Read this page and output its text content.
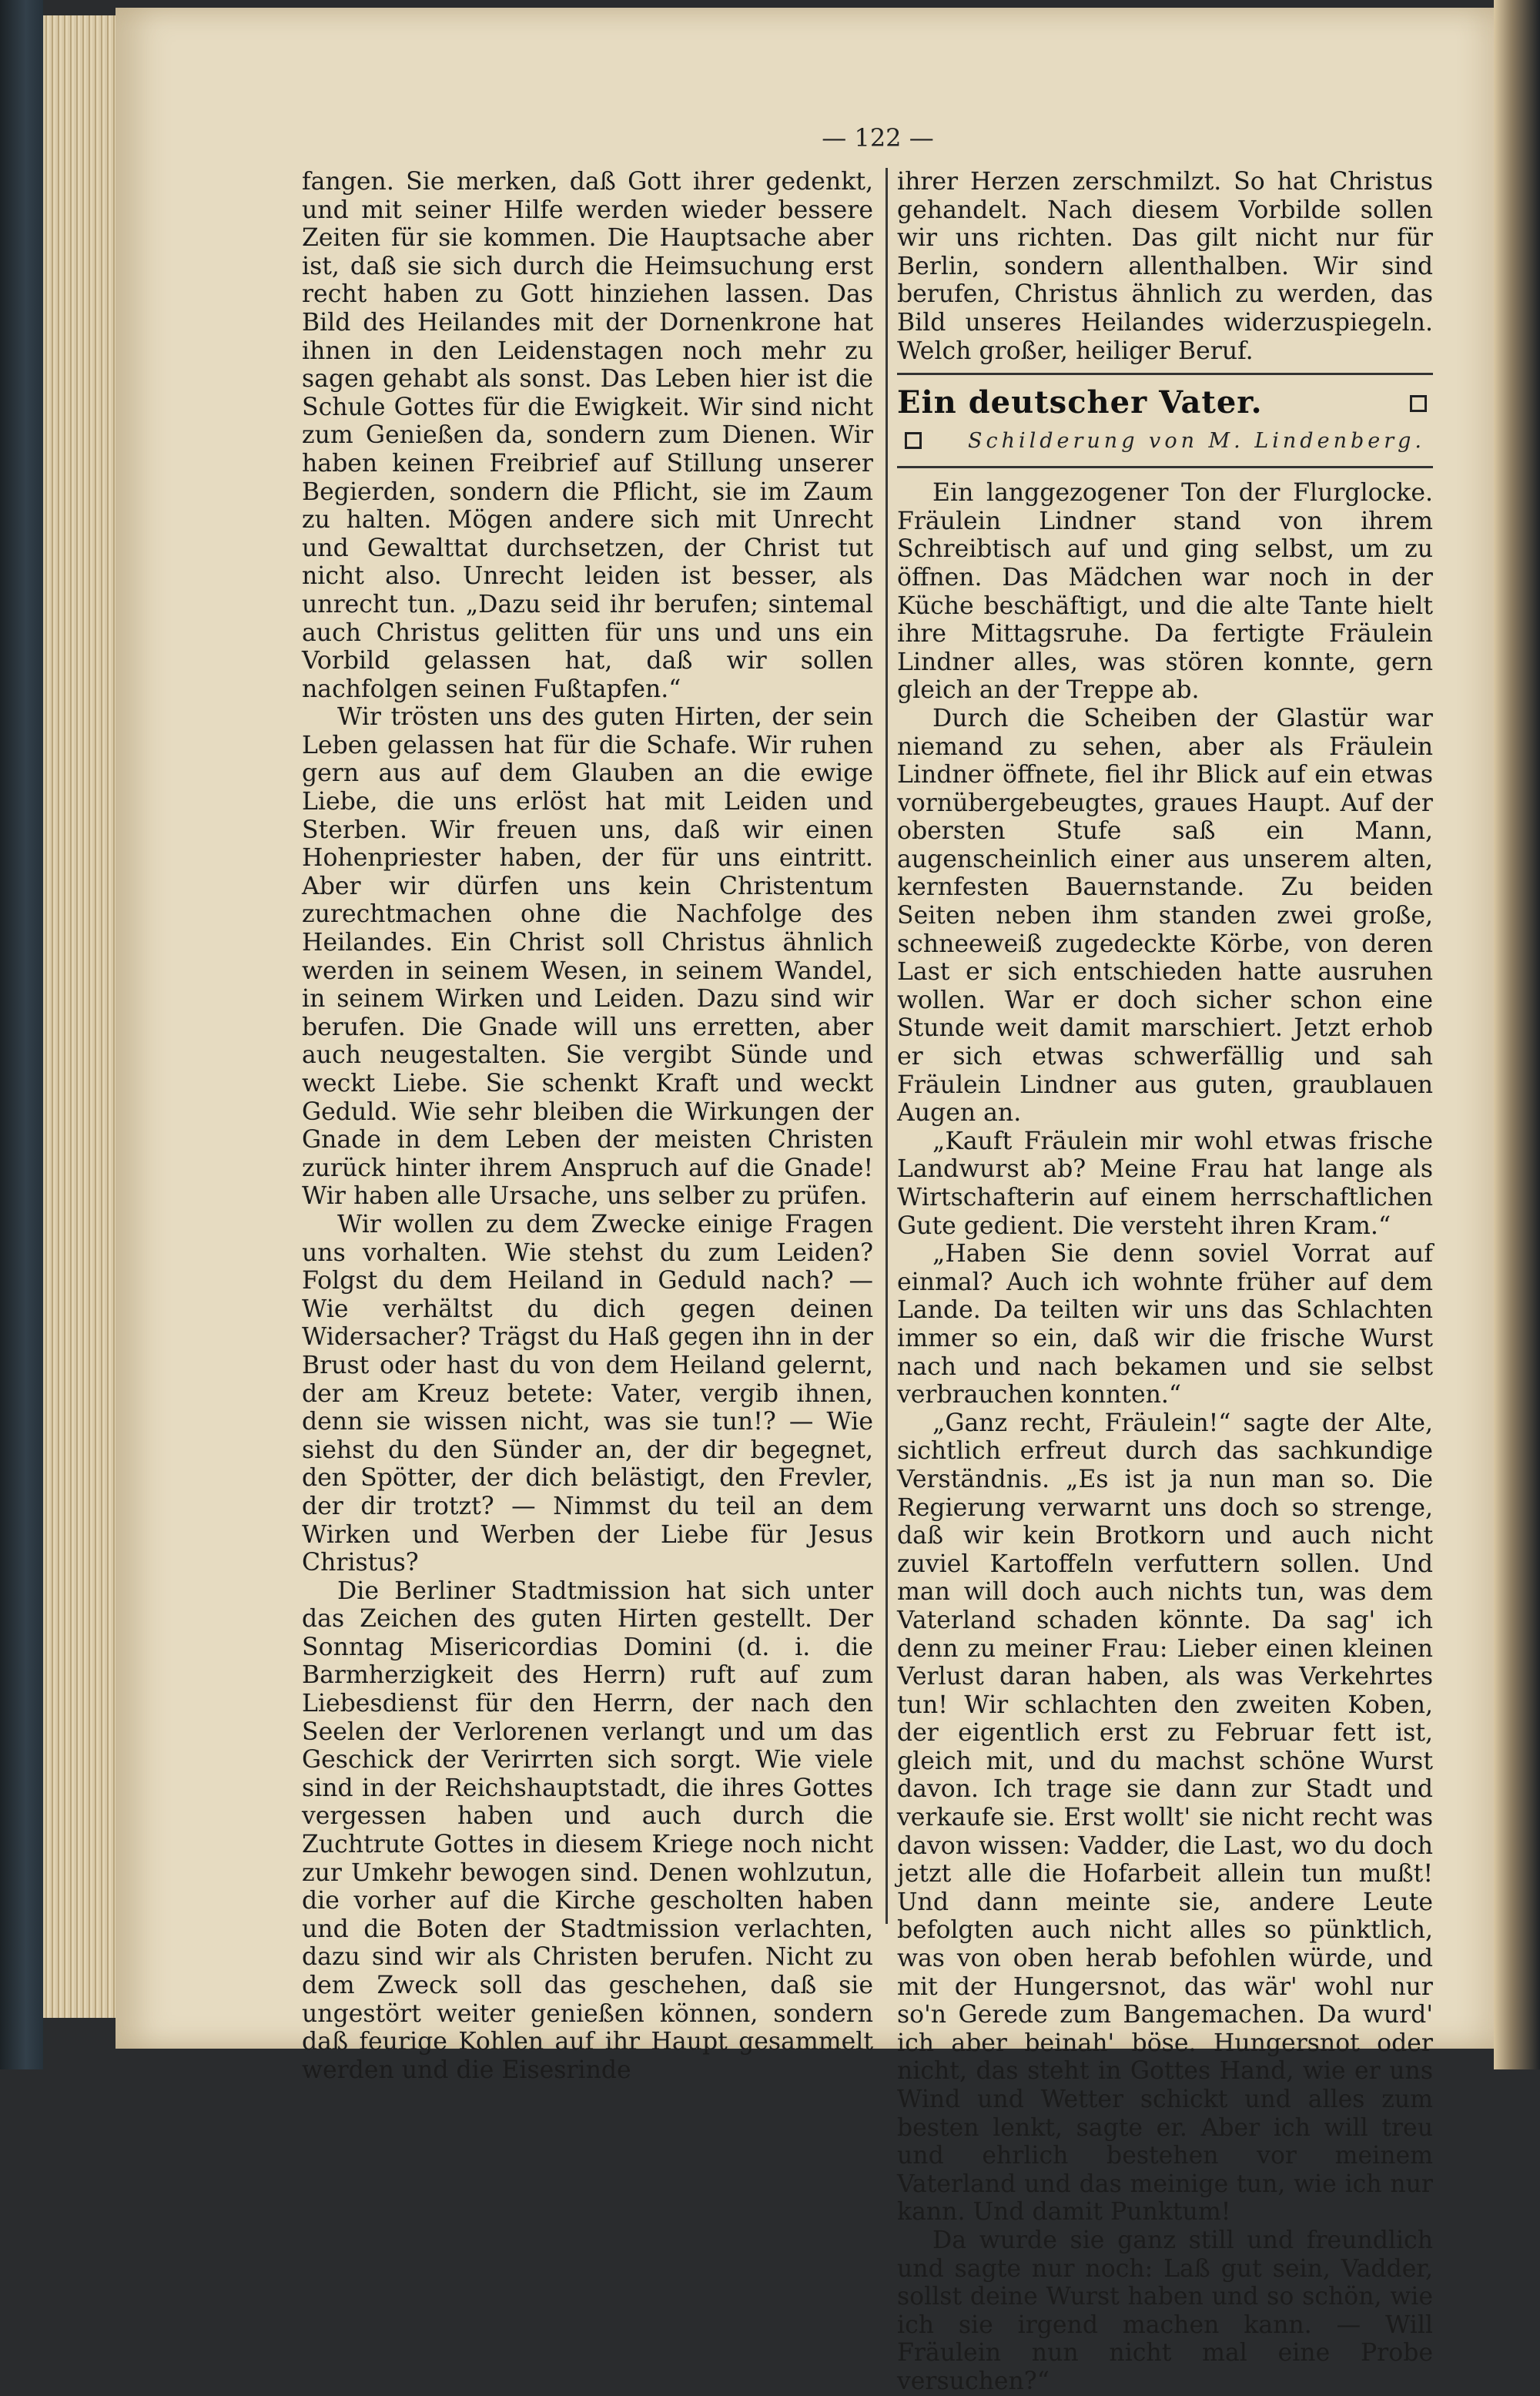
— 122 —

fangen. Sie merken, daß Gott ihrer gedenkt, und mit seiner Hilfe werden wieder bessere Zeiten für sie kommen. Die Hauptsache aber ist, daß sie sich durch die Heimsuchung erst recht haben zu Gott hinziehen lassen. Das Bild des Heilandes mit der Dornenkrone hat ihnen in den Leidenstagen noch mehr zu sagen gehabt als sonst. Das Leben hier ist die Schule Gottes für die Ewigkeit. Wir sind nicht zum Genießen da, sondern zum Dienen. Wir haben keinen Freibrief auf Stillung unserer Begierden, sondern die Pflicht, sie im Zaum zu halten. Mögen andere sich mit Unrecht und Gewalttat durchsetzen, der Christ tut nicht also. Unrecht leiden ist besser, als unrecht tun. „Dazu seid ihr berufen; sintemal auch Christus gelitten für uns und uns ein Vorbild gelassen hat, daß wir sollen nachfolgen seinen Fußtapfen.“

Wir trösten uns des guten Hirten, der sein Leben gelassen hat für die Schafe. Wir ruhen gern aus auf dem Glauben an die ewige Liebe, die uns erlöst hat mit Leiden und Sterben. Wir freuen uns, daß wir einen Hohenpriester haben, der für uns eintritt. Aber wir dürfen uns kein Christentum zurechtmachen ohne die Nachfolge des Heilandes. Ein Christ soll Christus ähnlich werden in seinem Wesen, in seinem Wandel, in seinem Wirken und Leiden. Dazu sind wir berufen. Die Gnade will uns erretten, aber auch neugestalten. Sie vergibt Sünde und weckt Liebe. Sie schenkt Kraft und weckt Geduld. Wie sehr bleiben die Wirkungen der Gnade in dem Leben der meisten Christen zurück hinter ihrem Anspruch auf die Gnade! Wir haben alle Ursache, uns selber zu prüfen.

Wir wollen zu dem Zwecke einige Fragen uns vorhalten. Wie stehst du zum Leiden? Folgst du dem Heiland in Geduld nach? — Wie verhältst du dich gegen deinen Widersacher? Trägst du Haß gegen ihn in der Brust oder hast du von dem Heiland gelernt, der am Kreuz betete: Vater, vergib ihnen, denn sie wissen nicht, was sie tun!? — Wie siehst du den Sünder an, der dir begegnet, den Spötter, der dich belästigt, den Frevler, der dir trotzt? — Nimmst du teil an dem Wirken und Werben der Liebe für Jesus Christus?

Die Berliner Stadtmission hat sich unter das Zeichen des guten Hirten gestellt. Der Sonntag Misericordias Domini (d. i. die Barmherzigkeit des Herrn) ruft auf zum Liebesdienst für den Herrn, der nach den Seelen der Verlorenen verlangt und um das Geschick der Verirrten sich sorgt. Wie viele sind in der Reichshauptstadt, die ihres Gottes vergessen haben und auch durch die Zuchtrute Gottes in diesem Kriege noch nicht zur Umkehr bewogen sind. Denen wohlzutun, die vorher auf die Kirche gescholten haben und die Boten der Stadtmission verlachten, dazu sind wir als Christen berufen. Nicht zu dem Zweck soll das geschehen, daß sie ungestört weiter genießen können, sondern daß feurige Kohlen auf ihr Haupt gesammelt werden und die Eisesrinde

ihrer Herzen zerschmilzt. So hat Christus gehandelt. Nach diesem Vorbilde sollen wir uns richten. Das gilt nicht nur für Berlin, sondern allenthalben. Wir sind berufen, Christus ähnlich zu werden, das Bild unseres Heilandes widerzuspiegeln. Welch großer, heiliger Beruf.

Ein deutscher Vater.
Schilderung von M. Lindenberg.

Ein langgezogener Ton der Flurglocke. Fräulein Lindner stand von ihrem Schreibtisch auf und ging selbst, um zu öffnen. Das Mädchen war noch in der Küche beschäftigt, und die alte Tante hielt ihre Mittagsruhe. Da fertigte Fräulein Lindner alles, was stören konnte, gern gleich an der Treppe ab.

Durch die Scheiben der Glastür war niemand zu sehen, aber als Fräulein Lindner öffnete, fiel ihr Blick auf ein etwas vornübergebeugtes, graues Haupt. Auf der obersten Stufe saß ein Mann, augenscheinlich einer aus unserem alten, kernfesten Bauernstande. Zu beiden Seiten neben ihm standen zwei große, schneeweiß zugedeckte Körbe, von deren Last er sich entschieden hatte ausruhen wollen. War er doch sicher schon eine Stunde weit damit marschiert. Jetzt erhob er sich etwas schwerfällig und sah Fräulein Lindner aus guten, graublauen Augen an.

„Kauft Fräulein mir wohl etwas frische Landwurst ab? Meine Frau hat lange als Wirtschafterin auf einem herrschaftlichen Gute gedient. Die versteht ihren Kram.“

„Haben Sie denn soviel Vorrat auf einmal? Auch ich wohnte früher auf dem Lande. Da teilten wir uns das Schlachten immer so ein, daß wir die frische Wurst nach und nach bekamen und sie selbst verbrauchen konnten.“

„Ganz recht, Fräulein!“ sagte der Alte, sichtlich erfreut durch das sachkundige Verständnis. „Es ist ja nun man so. Die Regierung verwarnt uns doch so strenge, daß wir kein Brotkorn und auch nicht zuviel Kartoffeln verfuttern sollen. Und man will doch auch nichts tun, was dem Vaterland schaden könnte. Da sag' ich denn zu meiner Frau: Lieber einen kleinen Verlust daran haben, als was Verkehrtes tun! Wir schlachten den zweiten Koben, der eigentlich erst zu Februar fett ist, gleich mit, und du machst schöne Wurst davon. Ich trage sie dann zur Stadt und verkaufe sie. Erst wollt' sie nicht recht was davon wissen: Vadder, die Last, wo du doch jetzt alle die Hofarbeit allein tun mußt! Und dann meinte sie, andere Leute befolgten auch nicht alles so pünktlich, was von oben herab befohlen würde, und mit der Hungersnot, das wär' wohl nur so'n Gerede zum Bangemachen. Da wurd' ich aber beinah' böse. Hungersnot oder nicht, das steht in Gottes Hand, wie er uns Wind und Wetter schickt und alles zum besten lenkt, sagte er. Aber ich will treu und ehrlich bestehen vor meinem Vaterland und das meinige tun, wie ich nur kann. Und damit Punktum!

Da wurde sie ganz still und freundlich und sagte nur noch: Laß gut sein, Vadder, sollst deine Wurst haben und so schön, wie ich sie irgend machen kann. — Will Fräulein nun nicht mal eine Probe versuchen?“
